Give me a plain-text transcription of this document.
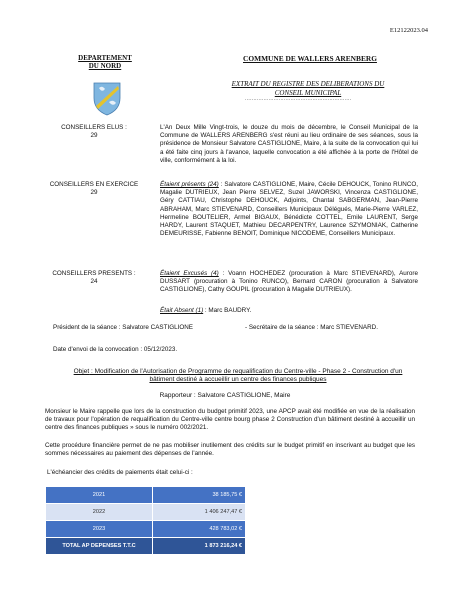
E12122023.04
DEPARTEMENT
DU NORD
COMMUNE DE WALLERS ARENBERG
EXTRAIT DU REGISTRE DES DELIBERATIONS DU
CONSEIL MUNICIPAL
...............................................................
CONSEILLERS ELUS :
29
L'An Deux Mille Vingt-trois, le douze du mois de décembre, le Conseil Municipal de la Commune de WALLERS ARENBERG s'est réuni au lieu ordinaire de ses séances, sous la présidence de Monsieur Salvatore CASTIGLIONE, Maire, à la suite de la convocation qui lui a été faite cinq jours à l'avance, laquelle convocation a été affichée à la porte de l'Hôtel de ville, conformément à la loi.
CONSEILLERS EN EXERCICE
29
Étaient présents (24) : Salvatore CASTIGLIONE, Maire, Cécile DEHOUCK, Tonino RUNCO, Magalie DUTRIEUX, Jean Pierre SELVEZ, Suzel JAWORSKI, Vincenza CASTIGLIONE, Géry CATTIAU, Christophe DEHOUCK, Adjoints, Chantal SABGERMAN, Jean-Pierre ABRAHAM, Marc STIEVENARD, Conseillers Municipaux Délégués, Marie-Pierre VARLEZ, Hermeline BOUTELIER, Armel BIGAUX, Bénédicte COTTEL, Emile LAURENT, Serge HARDY, Laurent STAQUET, Mathieu DECARPENTRY, Laurence SZYMONIAK, Catherine DEMEURISSE, Fabienne BENOIT, Dominique NICODEME, Conseillers Municipaux.
CONSEILLERS PRESENTS :
24
Étaient Excusés (4) : Voann HOCHEDEZ (procuration à Marc STIEVENARD), Aurore DUSSART (procuration à Tonino RUNCO), Bernard CARON (procuration à Salvatore CASTIGLIONE), Cathy GOUPIL (procuration à Magalie DUTRIEUX).
Était Absent (1) : Marc BAUDRY.
Président de la séance : Salvatore CASTIGLIONE	- Secrétaire de la séance : Marc STIEVENARD.
Date d'envoi de la convocation : 05/12/2023.
Objet : Modification de l'Autorisation de Programme de requalification du Centre-ville - Phase 2 - Construction d'un
bâtiment destiné à accueillir un centre des finances publiques
Rapporteur : Salvatore CASTIGLIONE, Maire
Monsieur le Maire rappelle que lors de la construction du budget primitif 2023, une APCP avait été modifiée en vue de la réalisation de travaux pour l'opération de requalification du Centre-ville centre bourg phase 2 Construction d'un bâtiment destiné à accueillir un centre des finances publiques » sous le numéro 002/2021.
Cette procédure financière permet de ne pas mobiliser inutilement des crédits sur le budget primitif en inscrivant au budget que les sommes nécessaires au paiement des dépenses de l'année.
L'échéancier des crédits de paiements était celui-ci :
2021	38 185,75 €
2022	1 406 247,47 €
2023	428 783,02 €
TOTAL AP DEPENSES T.T.C	1 873 216,24 €
